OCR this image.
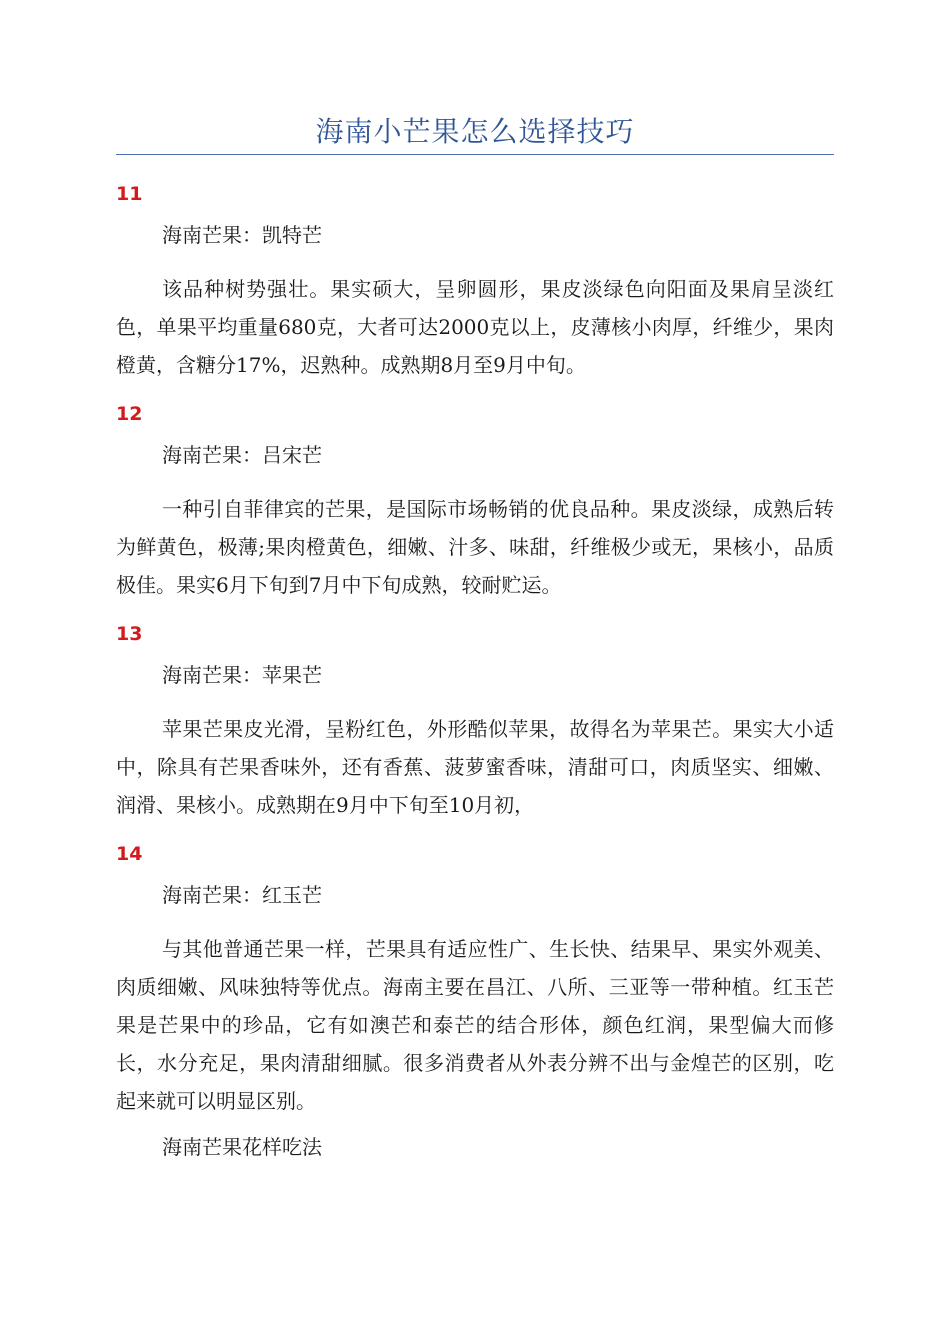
海南小芒果怎么选择技巧

11

海南芒果：凯特芒

该品种树势强壮。果实硕大，呈卵圆形，果皮淡绿色向阳面及果肩呈淡红色，单果平均重量680克，大者可达2000克以上，皮薄核小肉厚，纤维少，果肉橙黄，含糖分17%，迟熟种。成熟期8月至9月中旬。

12

海南芒果：吕宋芒

一种引自菲律宾的芒果，是国际市场畅销的优良品种。果皮淡绿，成熟后转为鲜黄色，极薄;果肉橙黄色，细嫩、汁多、味甜，纤维极少或无，果核小，品质极佳。果实6月下旬到7月中下旬成熟，较耐贮运。

13

海南芒果：苹果芒

苹果芒果皮光滑，呈粉红色，外形酷似苹果，故得名为苹果芒。果实大小适中，除具有芒果香味外，还有香蕉、菠萝蜜香味，清甜可口，肉质坚实、细嫩、润滑、果核小。成熟期在9月中下旬至10月初，

14

海南芒果：红玉芒

与其他普通芒果一样，芒果具有适应性广、生长快、结果早、果实外观美、肉质细嫩、风味独特等优点。海南主要在昌江、八所、三亚等一带种植。红玉芒果是芒果中的珍品，它有如澳芒和泰芒的结合形体，颜色红润，果型偏大而修长，水分充足，果肉清甜细腻。很多消费者从外表分辨不出与金煌芒的区别，吃起来就可以明显区别。

海南芒果花样吃法
